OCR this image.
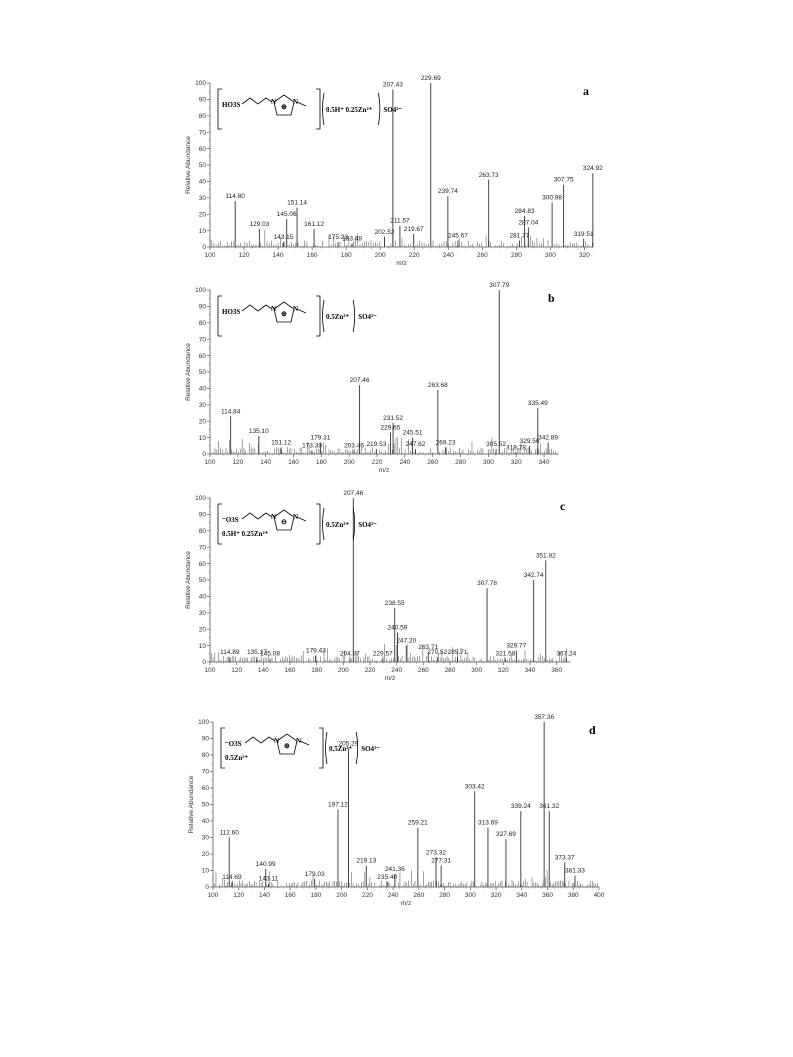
0
10
20
30
40
50
60
70
80
90
100
100	120	140	160	180	200	220	240	260	280	300	320
m/z
Relative Abundance
114.80
129.03
143.15
145.06
151.14
161.12
175.23
183.48
202.52
207.43
211.57
219.67
229.69
239.74
245.67
263.73
281.77
284.83
287.04
300.98
307.75
319.51
324.92
a
HO3S	N N
⊕	0.5H⁺ 0.25Zn²⁺ SO4²⁻
0
10
20
30
40
50
60
70
80
90
100
100	120	140	160	180	200	220	240	260	280	300	320	340
m/z
Relative Abundance
114.84
135.10
151.12 173.30
179.31
203.46
207.46
219.53
229.65
231.52
245.51
247.62
263.68
269.23	305.52
307.79
319.78
329.56
335.49
342.89
b
HO3S	N N
⊕	0.5Zn²⁺ SO4²⁻
0
10
20
30
40
50
60
70
80
90
100
100 120 140 160 180 200 220 240 260 280 300 320 340 360
m/z
Relative Abundance
114.89 135.17
145.08	179.43 204.87
207.46
229.57
238.55
240.59
247.20
263.71
270.52 285.71
307.78
321.58
329.77
342.74
351.82
367.24
c
⁻O3S	N N
⊖
0.5H⁺ 0.25Zn²⁺
0.5Zn²⁺ SO4²⁻
0
10
20
30
40
50
60
70
80
90
100
100 120 140 160 180 200 220 240 260 280 300 320 340 360 380 400
m/z
Relative Abundance	112.60
114.69
140.99
143.11
179.03
197.12
205.29
219.13
235.40
241.36
259.21
273.32
277.31
303.42
313.69
327.69
339.24
357.36
361.32
373.37
381.33
d
⁻O3S	N N
⊕
0.5Zn²⁺
0.5Zn²⁺ SO4²⁻
